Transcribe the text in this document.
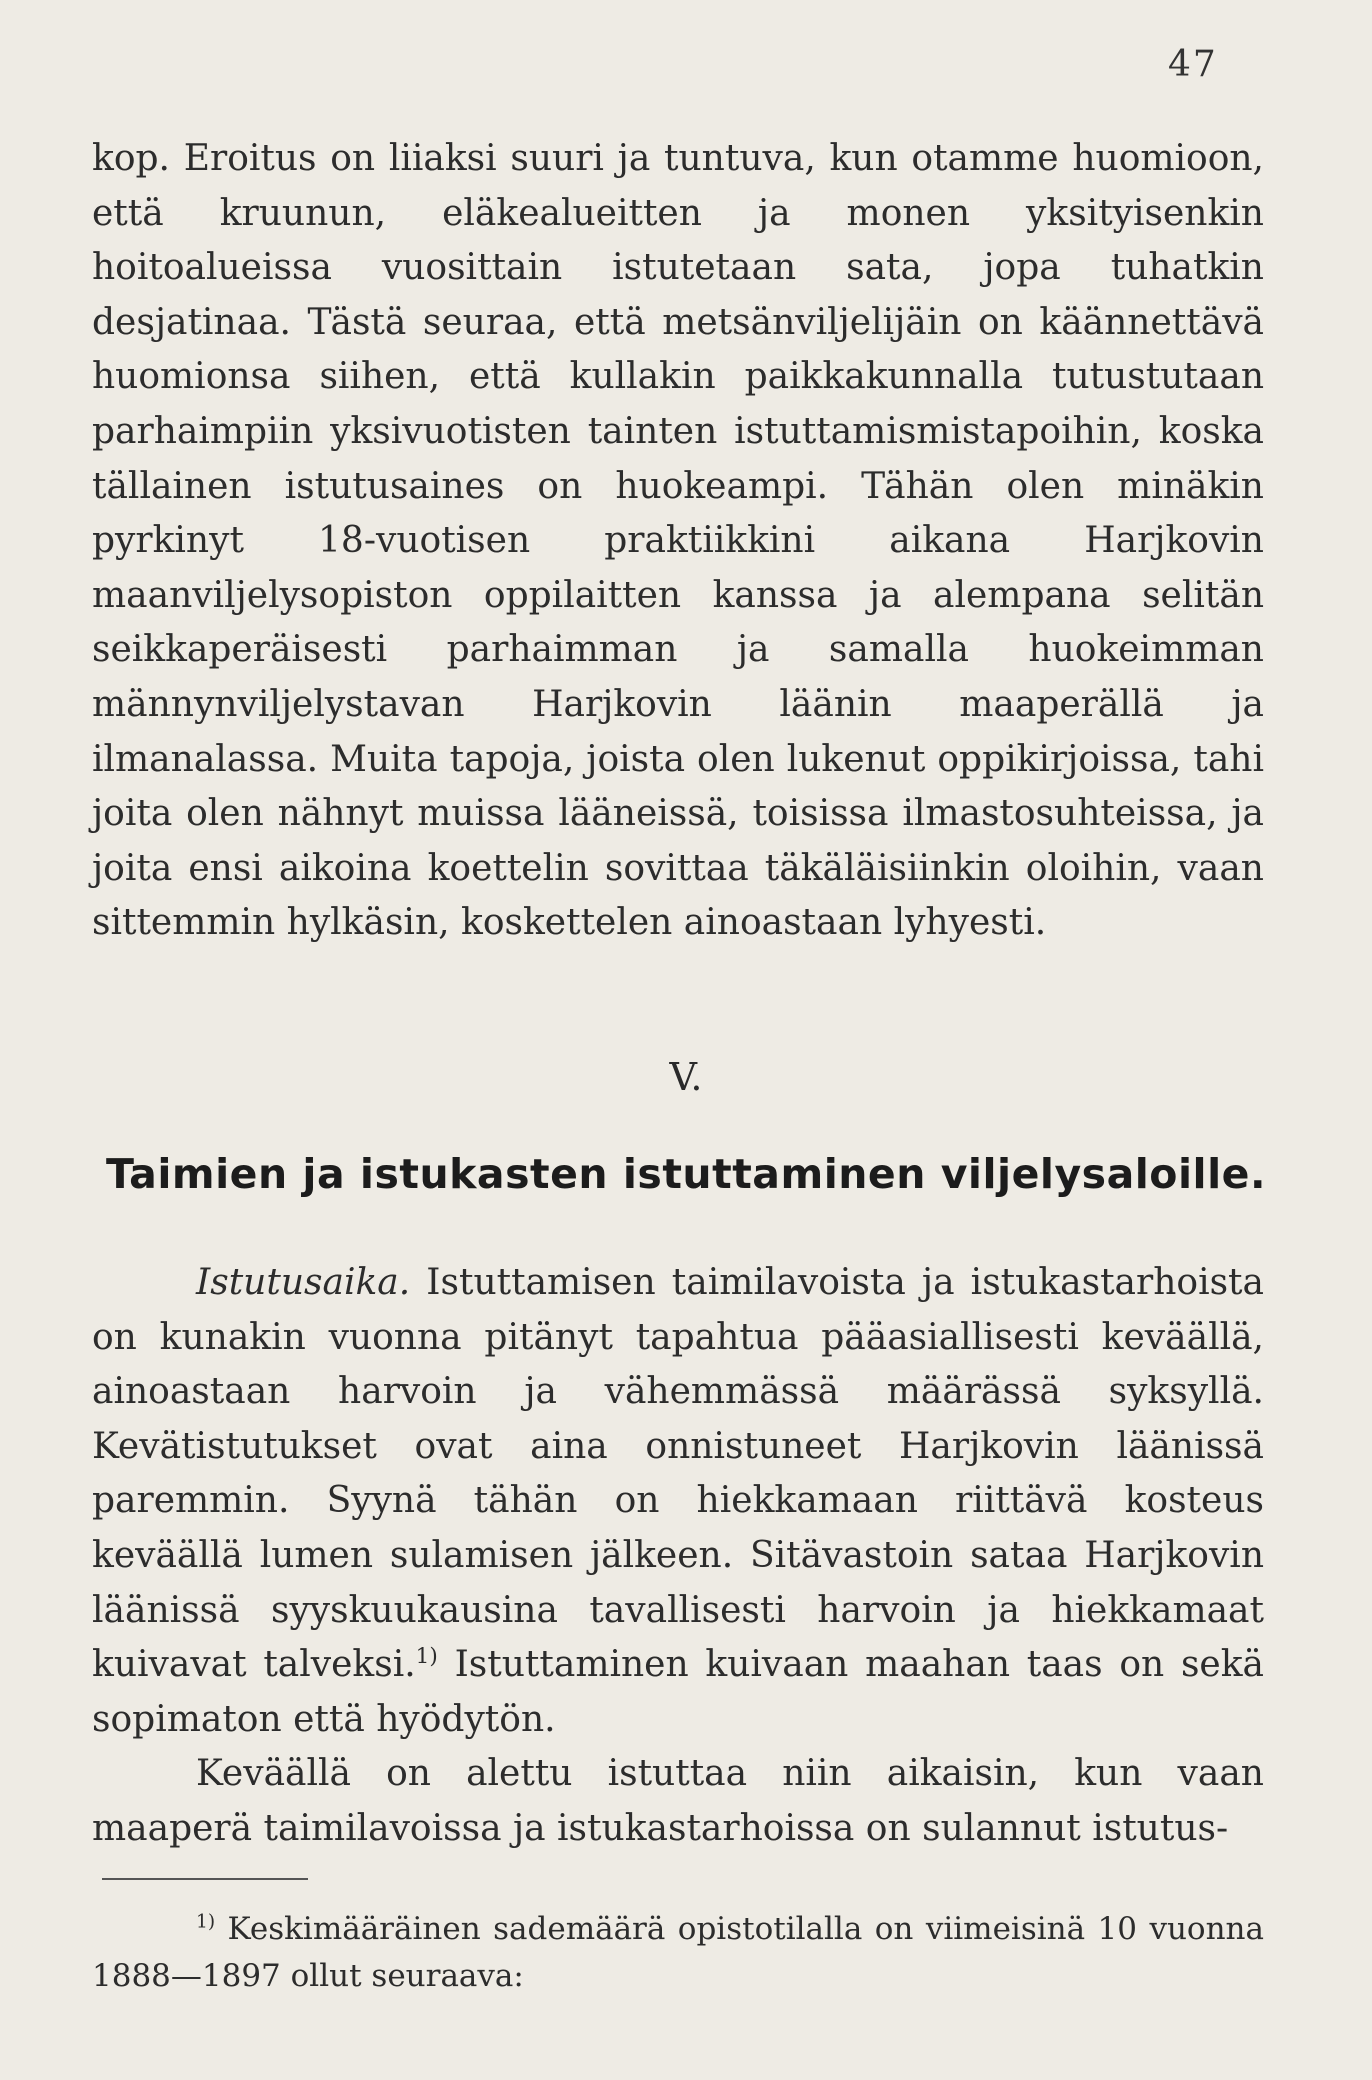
47

kop. Eroitus on liiaksi suuri ja tuntuva, kun otamme huomioon, että kruunun, eläkealueitten ja monen yksityisenkin hoitoalueissa vuosittain istutetaan sata, jopa tuhatkin desjatinaa. Tästä seuraa, että metsänviljelijäin on käännettävä huomionsa siihen, että kullakin paikkakunnalla tutustutaan parhaimpiin yksivuotisten tainten istuttamismistapoihin, koska tällainen istutusaines on huokeampi. Tähän olen minäkin pyrkinyt 18-vuotisen praktiikkini aikana Harjkovin maanviljelysopiston oppilaitten kanssa ja alempana selitän seikkaperäisesti parhaimman ja samalla huokeimman männynviljelystavan Harjkovin läänin maaperällä ja ilmanalassa. Muita tapoja, joista olen lukenut oppikirjoissa, tahi joita olen nähnyt muissa lääneissä, toisissa ilmastosuhteissa, ja joita ensi aikoina koettelin sovittaa täkäläisiinkin oloihin, vaan sittemmin hylkäsin, koskettelen ainoastaan lyhyesti.

V.
Taimien ja istukasten istuttaminen viljelysaloille.

Istutusaika. Istuttamisen taimilavoista ja istukastarhoista on kunakin vuonna pitänyt tapahtua pääasiallisesti keväällä, ainoastaan harvoin ja vähemmässä määrässä syksyllä. Kevätistutukset ovat aina onnistuneet Harjkovin läänissä paremmin. Syynä tähän on hiekkamaan riittävä kosteus keväällä lumen sulamisen jälkeen. Sitävastoin sataa Harjkovin läänissä syyskuukausina tavallisesti harvoin ja hiekkamaat kuivavat talveksi.$^{1)}$ Istuttaminen kuivaan maahan taas on sekä sopimaton että hyödytön.

Keväällä on alettu istuttaa niin aikaisin, kun vaan maaperä taimilavoissa ja istukastarhoissa on sulannut istutus-

$^{1)}$ Keskimääräinen sademäärä opistotilalla on viimeisinä 10 vuonna 1888—1897 ollut seuraava:
